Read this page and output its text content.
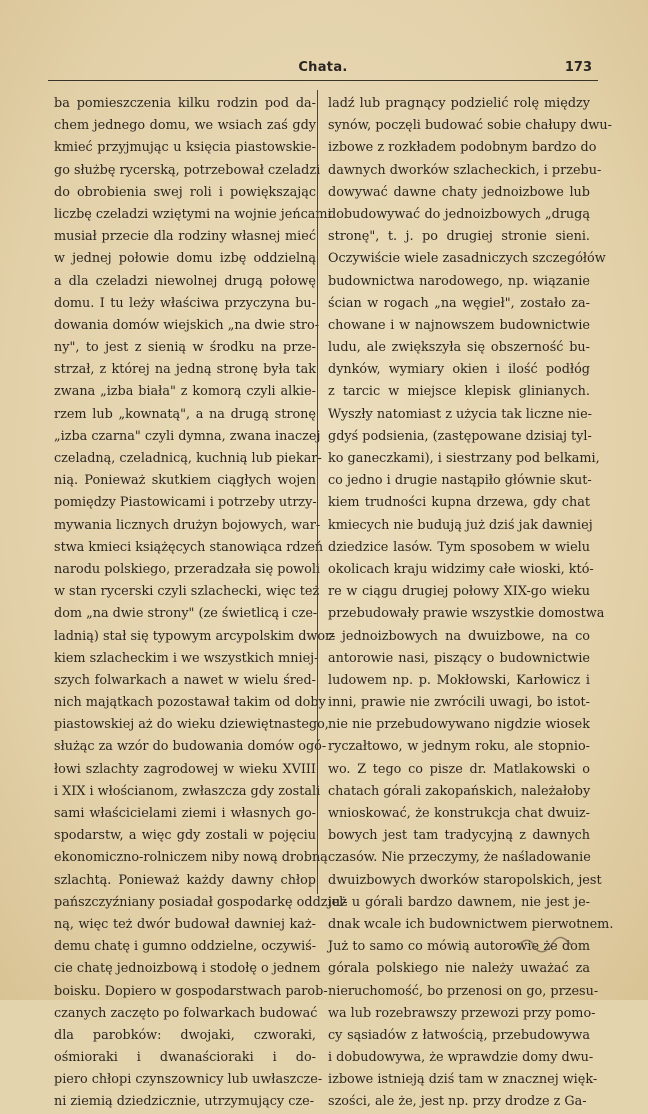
Chata.	173
ba pomieszczenia kilku rodzin pod da-
chem jednego domu, we wsiach zaś gdy
kmieć przyjmując u księcia piastowskie-
go służbę rycerską, potrzebował czeladzi
do obrobienia swej roli i powiększając
liczbę czeladzi wziętymi na wojnie jeńcami
musiał przecie dla rodziny własnej mieć
w jednej połowie domu izbę oddzielną
a dla czeladzi niewolnej drugą połowę
domu. I tu leży właściwa przyczyna bu-
dowania domów wiejskich „na dwie stro-
ny", to jest z sienią w środku na prze-
strzał, z której na jedną stronę była tak
zwana „izba biała" z komorą czyli alkie-
rzem lub „kownatą", a na drugą stronę
„izba czarna" czyli dymna, zwana inaczej
czeladną, czeladnicą, kuchnią lub piekar-
nią. Ponieważ skutkiem ciągłych wojen
pomiędzy Piastowicami i potrzeby utrzy-
mywania licznych drużyn bojowych, war-
stwa kmieci książęcych stanowiąca rdzeń
narodu polskiego, przeradzała się powoli
w stan rycerski czyli szlachecki, więc też
dom „na dwie strony" (ze świetlicą i cze-
ladnią) stał się typowym arcypolskim dwor-
kiem szlacheckim i we wszystkich mniej-
szych folwarkach a nawet w wielu śred-
nich majątkach pozostawał takim od doby
piastowskiej aż do wieku dziewiętnastego,
służąc za wzór do budowania domów ogó-
łowi szlachty zagrodowej w wieku XVIII
i XIX i włościanom, zwłaszcza gdy zostali
sami właścicielami ziemi i własnych go-
spodarstw, a więc gdy zostali w pojęciu
ekonomiczno-rolniczem niby nową drobną
szlachtą. Ponieważ każdy dawny chłop
pańszczyźniany posiadał gospodarkę oddziel-
ną, więc też dwór budował dawniej każ-
demu chatę i gumno oddzielne, oczywiś-
cie chatę jednoizbową i stodołę o jednem
boisku. Dopiero w gospodarstwach parob-
czanych zaczęto po folwarkach budować
dla parobków: dwojaki, czworaki,
ośmioraki i dwanaścioraki i do-
piero chłopi czynszownicy lub uwłaszcze-
ni ziemią dziedzicznie, utrzymujący cze-
ladź lub pragnący podzielić rolę między
synów, poczęli budować sobie chałupy dwu-
izbowe z rozkładem podobnym bardzo do
dawnych dworków szlacheckich, i przebu-
dowywać dawne chaty jednoizbowe lub
dobudowywać do jednoizbowych „drugą
stronę", t. j. po drugiej stronie sieni.
Oczywiście wiele zasadniczych szczegółów
budownictwa narodowego, np. wiązanie
ścian w rogach „na węgieł", zostało za-
chowane i w najnowszem budownictwie
ludu, ale zwiększyła się obszerność bu-
dynków, wymiary okien i ilość podłóg
z tarcic w miejsce klepisk glinianych.
Wyszły natomiast z użycia tak liczne nie-
gdyś podsienia, (zastępowane dzisiaj tyl-
ko ganeczkami), i siestrzany pod belkami,
co jedno i drugie nastąpiło głównie skut-
kiem trudności kupna drzewa, gdy chat
kmiecych nie budują już dziś jak dawniej
dziedzice lasów. Tym sposobem w wielu
okolicach kraju widzimy całe wioski, któ-
re w ciągu drugiej połowy XIX-go wieku
przebudowały prawie wszystkie domostwa
z jednoizbowych na dwuizbowe, na co
antorowie nasi, piszący o budownictwie
ludowem np. p. Mokłowski, Karłowicz i
inni, prawie nie zwrócili uwagi, bo istot-
nie nie przebudowywano nigdzie wiosek
ryczałtowo, w jednym roku, ale stopnio-
wo. Z tego co pisze dr. Matlakowski o
chatach górali zakopańskich, należałoby
wnioskować, że konstrukcja chat dwuiz-
bowych jest tam tradycyjną z dawnych
czasów. Nie przeczymy, że naśladowanie
dwuizbowych dworków staropolskich, jest
już u górali bardzo dawnem, nie jest je-
dnak wcale ich budownictwem pierwotnem.
Już to samo co mówią autorowie że dom
górala polskiego nie należy uważać za
nieruchomość, bo przenosi on go, przesu-
wa lub rozebrawszy przewozi przy pomo-
cy sąsiadów z łatwością, przebudowywa
i dobudowywa, że wprawdzie domy dwu-
izbowe istnieją dziś tam w znacznej więk-
szości, ale że, jest np. przy drodze z Ga-
